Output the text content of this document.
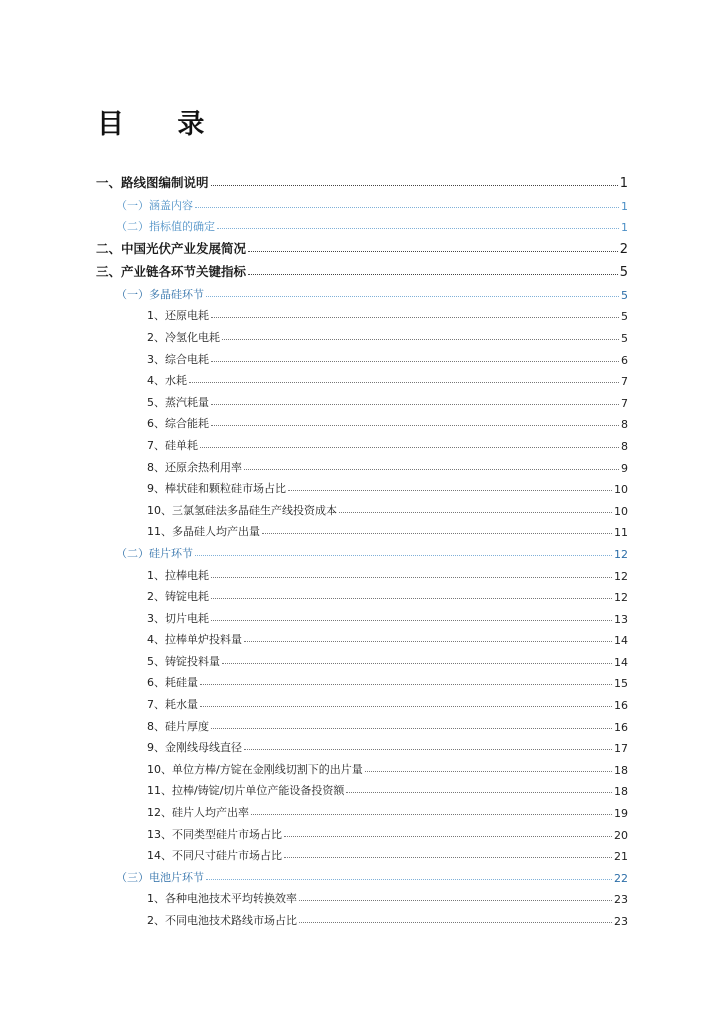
目 录
一、路线图编制说明	1
（一）涵盖内容	1
（二）指标值的确定	1
二、中国光伏产业发展简况	2
三、产业链各环节关键指标	5
（一）多晶硅环节	5
1、还原电耗	5
2、冷氢化电耗	5
3、综合电耗	6
4、水耗	7
5、蒸汽耗量	7
6、综合能耗	8
7、硅单耗	8
8、还原余热利用率	9
9、棒状硅和颗粒硅市场占比	10
10、三氯氢硅法多晶硅生产线投资成本	10
11、多晶硅人均产出量	11
（二）硅片环节	12
1、拉棒电耗	12
2、铸锭电耗	12
3、切片电耗	13
4、拉棒单炉投料量	14
5、铸锭投料量	14
6、耗硅量	15
7、耗水量	16
8、硅片厚度	16
9、金刚线母线直径	17
10、单位方棒/方锭在金刚线切割下的出片量	18
11、拉棒/铸锭/切片单位产能设备投资额	18
12、硅片人均产出率	19
13、不同类型硅片市场占比	20
14、不同尺寸硅片市场占比	21
（三）电池片环节	22
1、各种电池技术平均转换效率	23
2、不同电池技术路线市场占比	23
